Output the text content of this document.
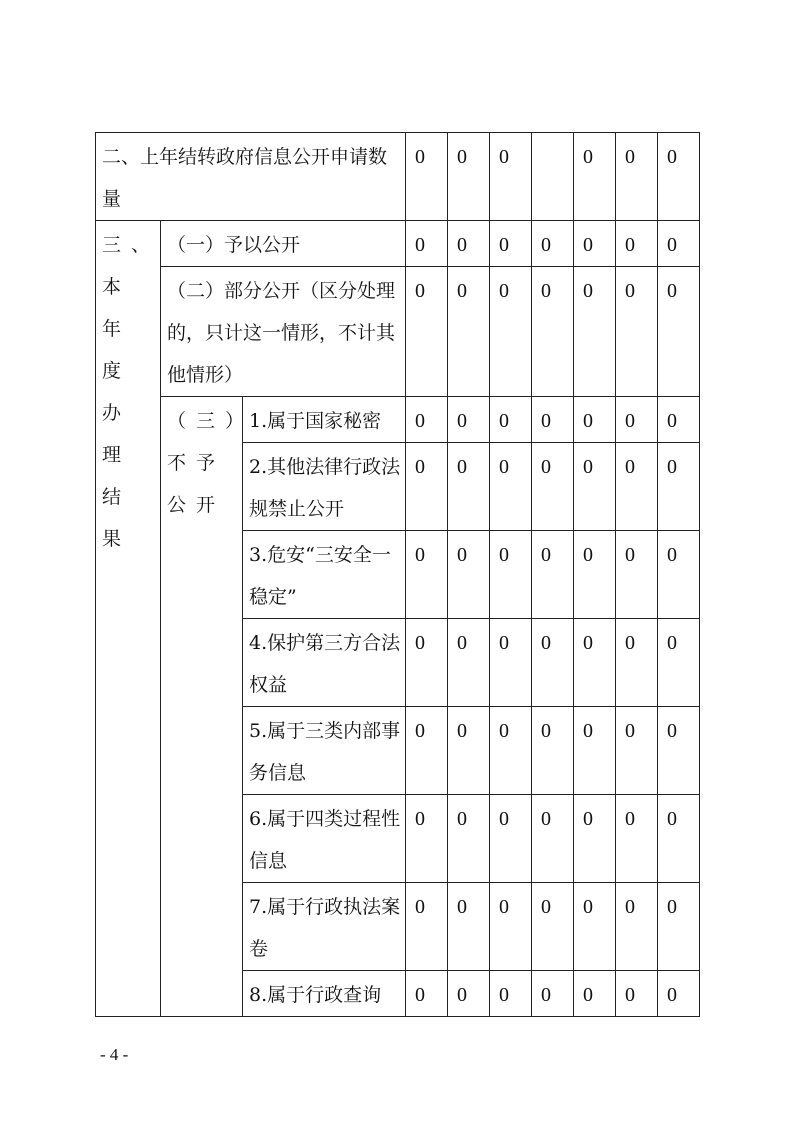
二、上年结转政府信息公开申请数量			0	0	0		0	0	0
三、本年度办理结果	（一）予以公开		0	0	0	0	0	0	0
	（二）部分公开（区分处理的，只计这一情形，不计其他情形）		0	0	0	0	0	0	0
	（三）不予公开	1.属于国家秘密	0	0	0	0	0	0	0
		2.其他法律行政法规禁止公开	0	0	0	0	0	0	0
		3.危安“三安全一稳定”	0	0	0	0	0	0	0
		4.保护第三方合法权益	0	0	0	0	0	0	0
		5.属于三类内部事务信息	0	0	0	0	0	0	0
		6.属于四类过程性信息	0	0	0	0	0	0	0
		7.属于行政执法案卷	0	0	0	0	0	0	0
		8.属于行政查询	0	0	0	0	0	0	0
- 4 -
